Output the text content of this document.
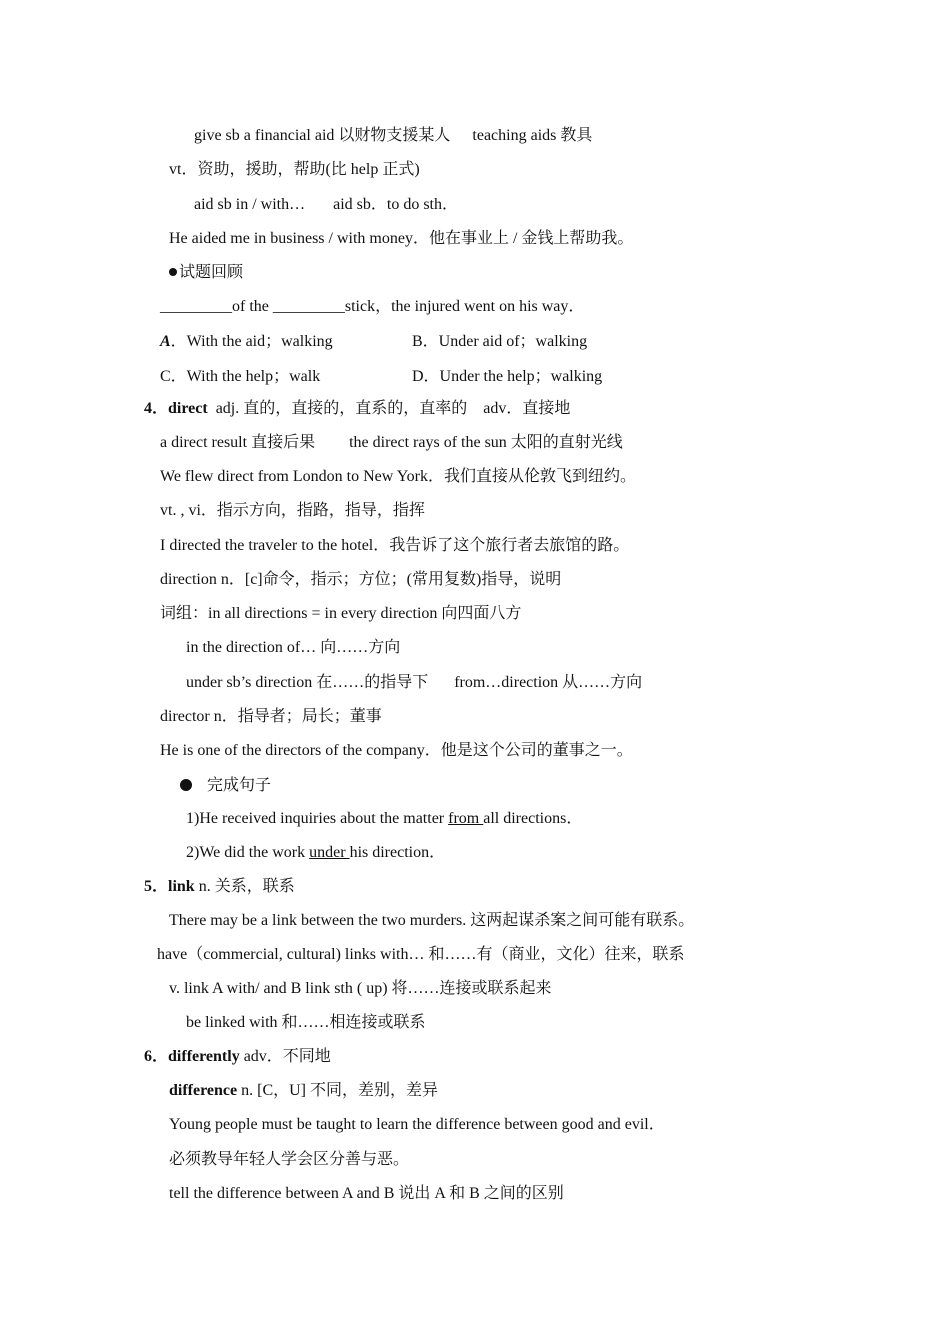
give sb a financial aid 以财物支援某人 teaching aids 教具
vt．资助，援助，帮助(比 help 正式)
aid sb in / with… aid sb．to do sth．
He aided me in business / with money．他在事业上 / 金钱上帮助我。
试题回顾
_________of the _________stick，the injured went on his way．
A．With the aid；walking	B．Under aid of；walking
C．With the help；walk	D．Under the help；walking
4．direct adj. 直的，直接的，直系的，直率的　adv．直接地
a direct result 直接后果 the direct rays of the sun 太阳的直射光线
We flew direct from London to New York．我们直接从伦敦飞到纽约。
vt. , vi．指示方向，指路，指导，指挥
I directed the traveler to the hotel．我告诉了这个旅行者去旅馆的路。
direction n．[c]命令，指示；方位；(常用复数)指导，说明
词组：in all directions = in every direction 向四面八方
in the direction of… 向……方向
under sb’s direction 在……的指导下 from…direction 从……方向
director n．指导者；局长；董事
He is one of the directors of the company．他是这个公司的董事之一。
完成句子
1)He received inquiries about the matter from all directions．
2)We did the work under his direction．
5．link n. 关系，联系
There may be a link between the two murders. 这两起谋杀案之间可能有联系。
have（commercial, cultural) links with… 和……有（商业，文化）往来，联系
v. link A with/ and B link sth ( up) 将……连接或联系起来
be linked with 和……相连接或联系
6．differently adv．不同地
difference n. [C，U] 不同，差别，差异
Young people must be taught to learn the difference between good and evil．
必须教导年轻人学会区分善与恶。
tell the difference between A and B 说出 A 和 B 之间的区别
